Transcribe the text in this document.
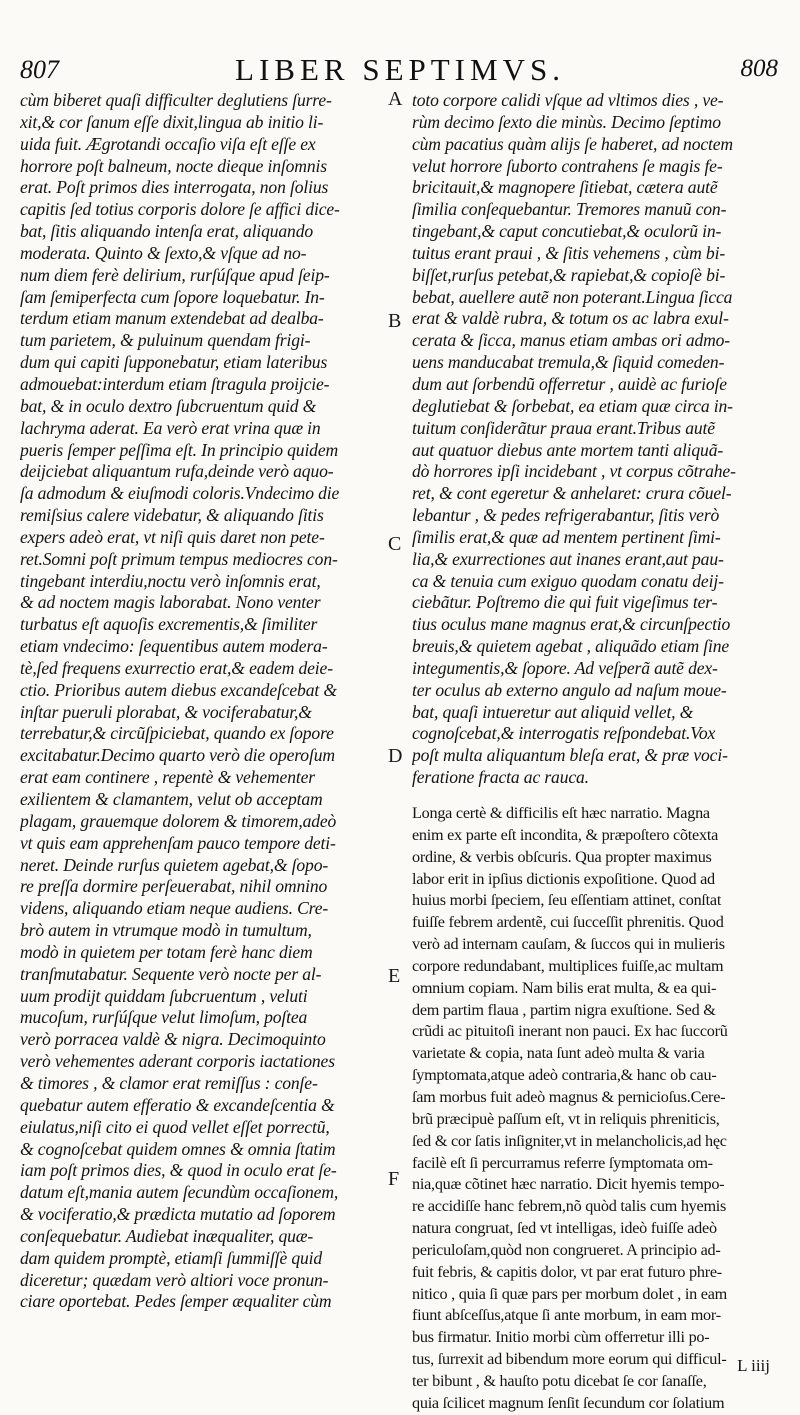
807	LIBER SEPTIMVS.	808
cùm biberet quaſi difficulter deglutiens ſurre-
xit,& cor ſanum eſſe dixit,lingua ab initio li-
uida fuit. Ægrotandi occaſio viſa eſt eſſe ex
horrore poſt balneum, nocte dieque inſomnis
erat. Poſt primos dies interrogata, non ſolius
capitis ſed totius corporis dolore ſe affici dice-
bat, ſitis aliquando intenſa erat, aliquando
moderata. Quinto & ſexto,& vſque ad no-
num diem ferè delirium, rurſúſque apud ſeip-
ſam ſemiperfecta cum ſopore loquebatur. In-
terdum etiam manum extendebat ad dealba-
tum parietem, & puluinum quendam frigi-
dum qui capiti ſupponebatur, etiam lateribus
admouebat:interdum etiam ſtragula proijcie-
bat, & in oculo dextro ſubcruentum quid &
lachryma aderat. Ea verò erat vrina quæ in
pueris ſemper peſſima eſt. In principio quidem
deijciebat aliquantum rufa,deinde verò aquo-
ſa admodum & eiuſmodi coloris.Vndecimo die
remiſsius calere videbatur, & aliquando ſitis
expers adeò erat, vt niſi quis daret non pete-
ret.Somni poſt primum tempus mediocres con-
tingebant interdiu,noctu verò inſomnis erat,
& ad noctem magis laborabat. Nono venter
turbatus eſt aquoſis excrementis,& ſimiliter
etiam vndecimo: ſequentibus autem modera-
tè,ſed frequens exurrectio erat,& eadem deie-
ctio. Prioribus autem diebus excandeſcebat &
inſtar pueruli plorabat, & vociferabatur,&
terrebatur,& circũſpiciebat, quando ex ſopore
excitabatur.Decimo quarto verò die operoſum
erat eam continere , repentè & vehementer
exilientem & clamantem, velut ob acceptam
plagam, grauemque dolorem & timorem,adeò
vt quis eam apprehenſam pauco tempore deti-
neret. Deinde rurſus quietem agebat,& ſopo-
re preſſa dormire perſeuerabat, nihil omnino
videns, aliquando etiam neque audiens. Cre-
brò autem in vtrumque modò in tumultum,
modò in quietem per totam ferè hanc diem
tranſmutabatur. Sequente verò nocte per al-
uum prodijt quiddam ſubcruentum , veluti
mucoſum, rurſúſque velut limoſum, poſtea
verò porracea valdè & nigra. Decimoquinto
verò vehementes aderant corporis iactationes
& timores , & clamor erat remiſſus : conſe-
quebatur autem efferatio & excandeſcentia &
eiulatus,niſi cito ei quod vellet eſſet porrectũ,
& cognoſcebat quidem omnes & omnia ſtatim
iam poſt primos dies, & quod in oculo erat ſe-
datum eſt,mania autem ſecundùm occaſionem,
& vociferatio,& prædicta mutatio ad ſoporem
conſequebatur. Audiebat inæqualiter, quæ-
dam quidem promptè, etiamſi ſummiſſè quid
diceretur; quædam verò altiori voce pronun-
ciare oportebat. Pedes ſemper æqualiter cùm
toto corpore calidi vſque ad vltimos dies , ve-
rùm decimo ſexto die minùs. Decimo ſeptimo
cùm pacatius quàm alijs ſe haberet, ad noctem
velut horrore ſuborto contrahens ſe magis fe-
bricitauit,& magnopere ſitiebat, cætera autẽ
ſimilia conſequebantur. Tremores manuũ con-
tingebant,& caput concutiebat,& oculorũ in-
tuitus erant praui , & ſitis vehemens , cùm bi-
biſſet,rurſus petebat,& rapiebat,& copioſè bi-
bebat, auellere autẽ non poterant.Lingua ſicca
erat & valdè rubra, & totum os ac labra exul-
cerata & ſicca, manus etiam ambas ori admo-
uens manducabat tremula,& ſiquid comeden-
dum aut ſorbendũ offerretur , auidè ac furioſe
deglutiebat & ſorbebat, ea etiam quæ circa in-
tuitum conſiderãtur praua erant.Tribus autẽ
aut quatuor diebus ante mortem tanti aliquã-
dò horrores ipſi incidebant , vt corpus cõtrahe-
ret, & cont egeretur & anhelaret: crura cõuel-
lebantur , & pedes refrigerabantur, ſitis verò
ſimilis erat,& quæ ad mentem pertinent ſimi-
lia,& exurrectiones aut inanes erant,aut pau-
ca & tenuia cum exiguo quodam conatu deij-
ciebãtur. Poſtremo die qui fuit vigeſimus ter-
tius oculus mane magnus erat,& circunſpectio
breuis,& quietem agebat , aliquãdo etiam ſine
integumentis,& ſopore. Ad veſperã autẽ dex-
ter oculus ab externo angulo ad naſum moue-
bat, quaſi intueretur aut aliquid vellet, &
cognoſcebat,& interrogatis reſpondebat.Vox
poſt multa aliquantum bleſa erat, & præ voci-
feratione fracta ac rauca.
Longa certè & difficilis eſt hæc narratio. Magna
enim ex parte eſt incondita, & præpoſtero cõtexta
ordine, & verbis obſcuris. Qua propter maximus
labor erit in ipſius dictionis expoſitione. Quod ad
huius morbi ſpeciem, ſeu eſſentiam attinet, conſtat
fuiſſe febrem ardentẽ, cui ſucceſſit phrenitis. Quod
verò ad internam cauſam, & ſuccos qui in mulieris
corpore redundabant, multiplices fuiſſe,ac multam
omnium copiam. Nam bilis erat multa, & ea qui-
dem partim flaua , partim nigra exuſtione. Sed &
crũdi ac pituitoſi inerant non pauci. Ex hac ſuccorũ
varietate & copia, nata ſunt adeò multa & varia
ſymptomata,atque adeò contraria,& hanc ob cau-
ſam morbus fuit adeò magnus & pernicioſus.Cere-
brũ præcipuè paſſum eſt, vt in reliquis phreniticis,
ſed & cor ſatis inſigniter,vt in melancholicis,ad hęc
facilè eſt ſi percurramus referre ſymptomata om-
nia,quæ cõtinet hæc narratio. Dicit hyemis tempo-
re accidiſſe hanc febrem,nõ quòd talis cum hyemis
natura congruat, ſed vt intelligas, ideò fuiſſe adeò
periculoſam,quòd non congrueret. A principio ad-
fuit febris, & capitis dolor, vt par erat futuro phre-
nitico , quia ſi quæ pars per morbum dolet , in eam
fiunt abſceſſus,atque ſi ante morbum, in eam mor-
bus firmatur. Initio morbi cùm offerretur illi po-
tus, ſurrexit ad bibendum more eorum qui difficul-
ter bibunt , & hauſto potu dicebat ſe cor ſanaſſe,
quia ſcilicet magnum ſenſit ſecundum cor ſolatium
A
B
C
D
E
F
L iiij
